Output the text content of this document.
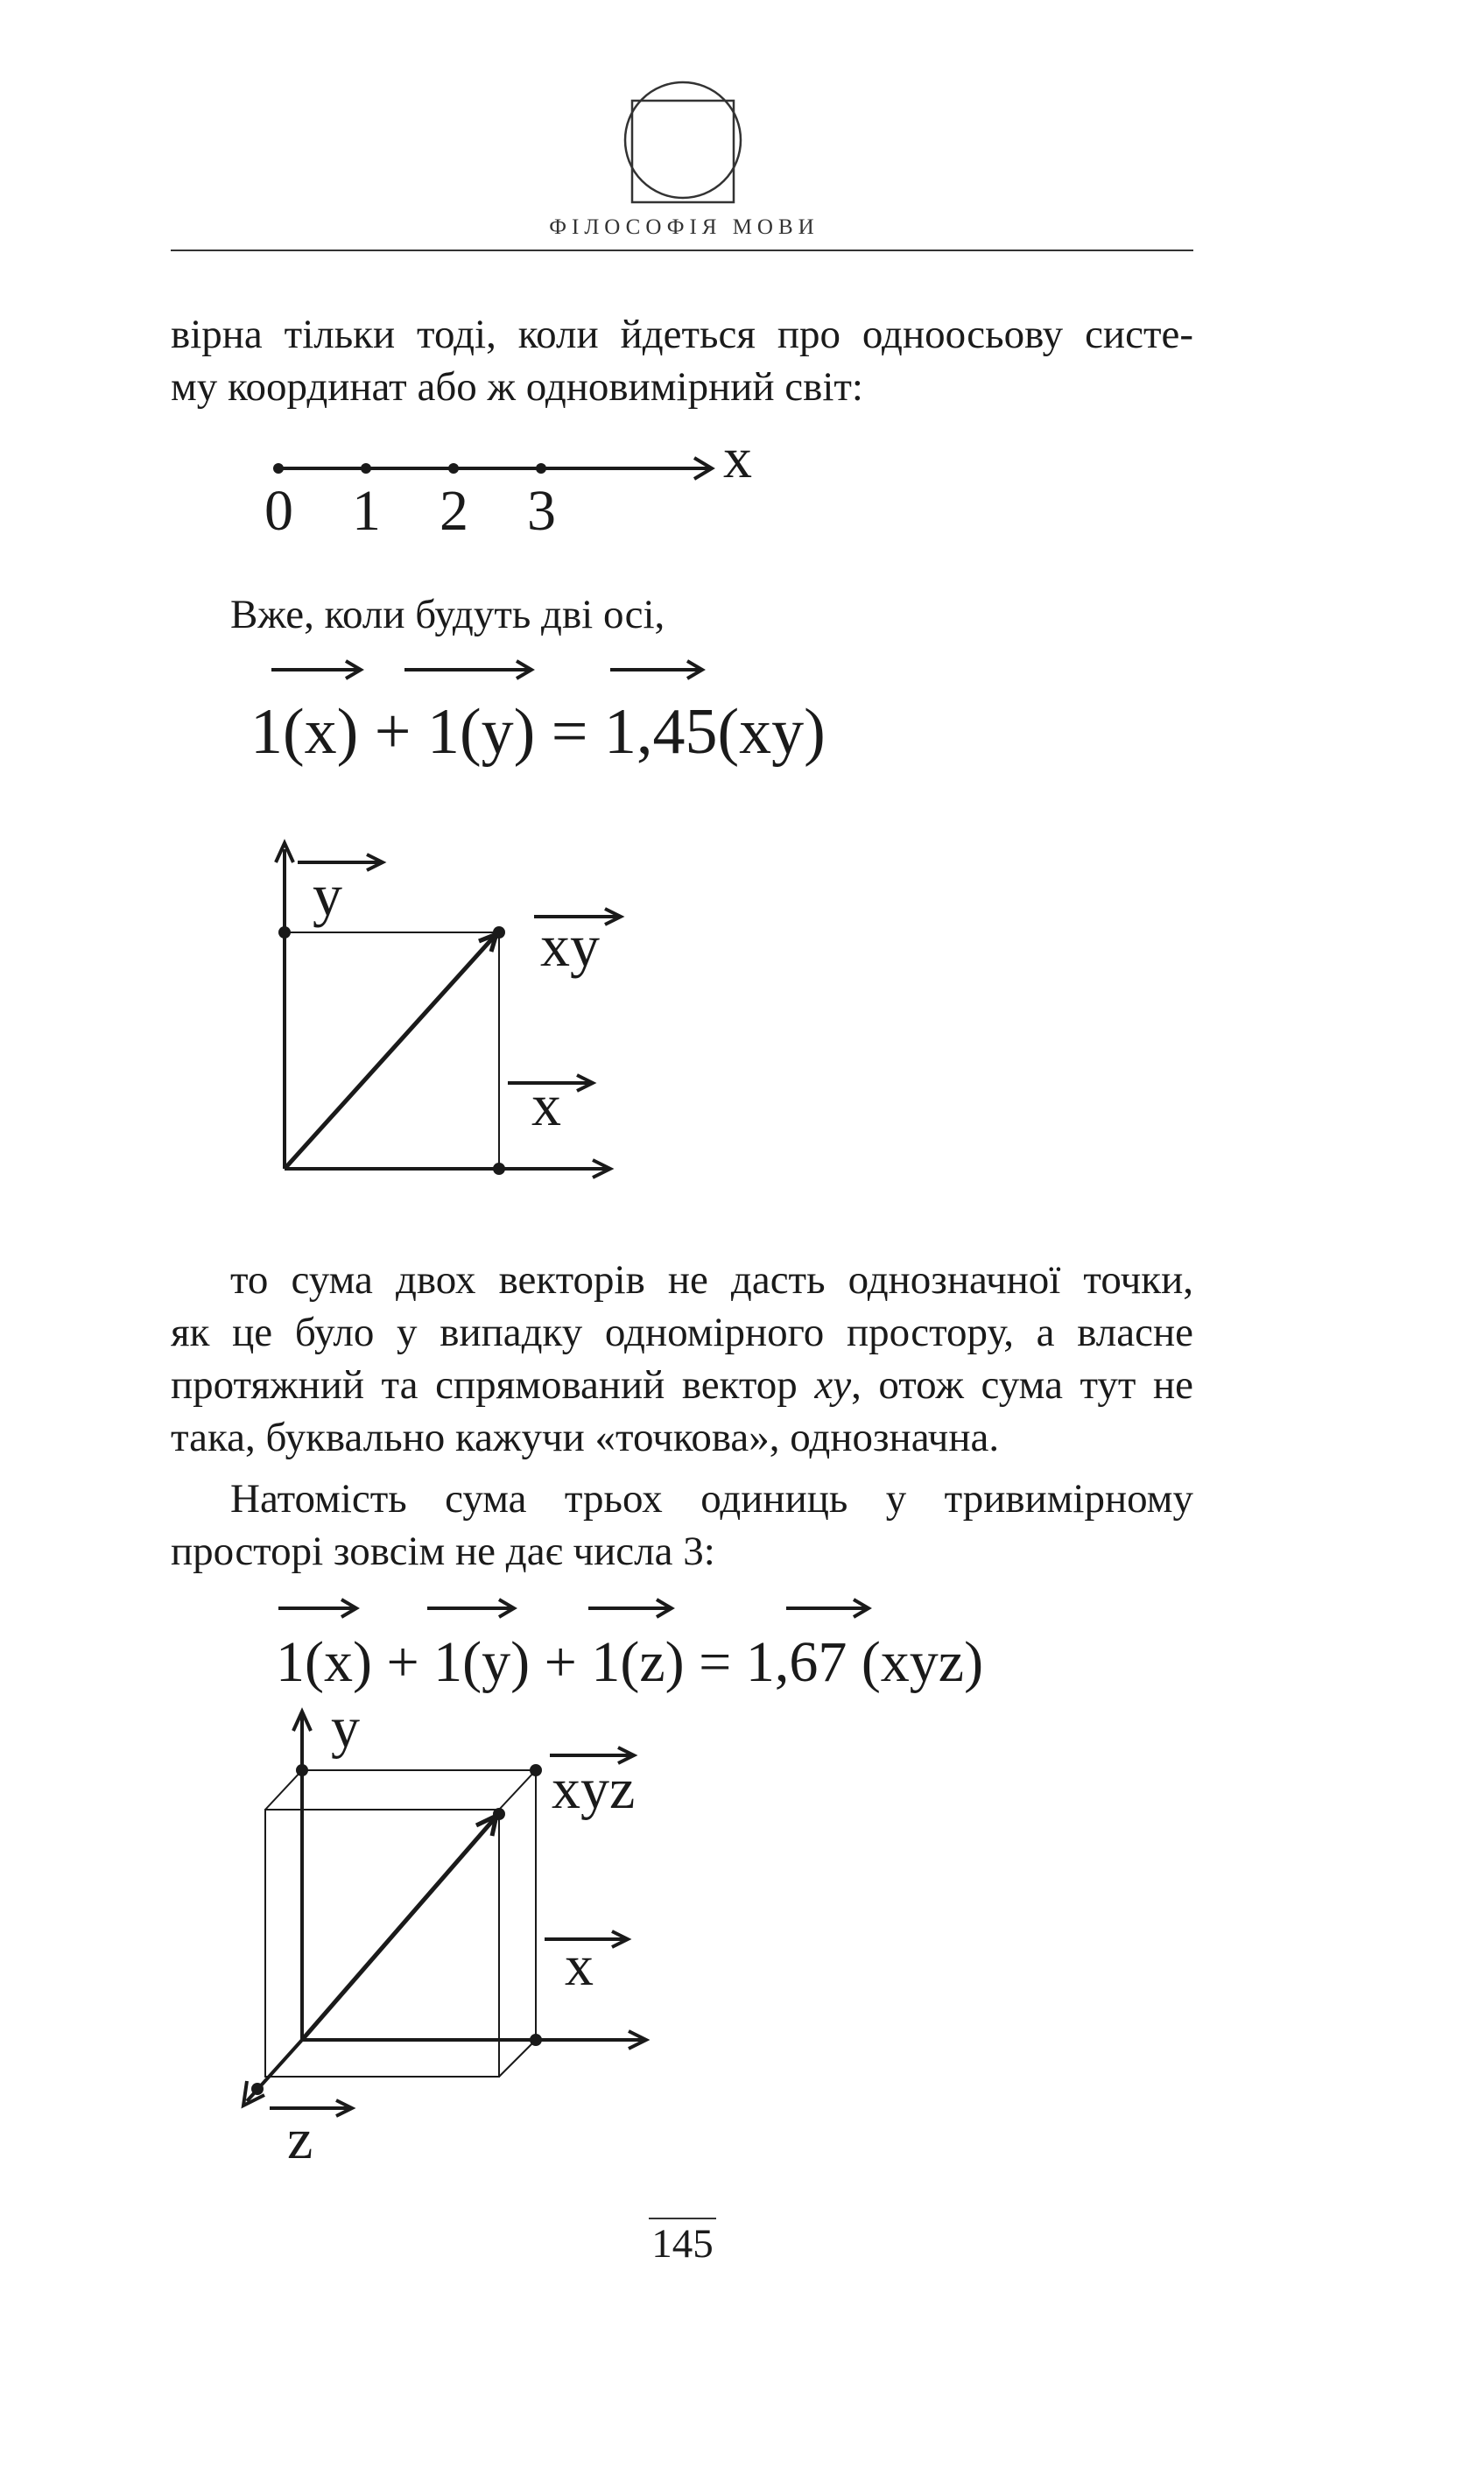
ФІЛОСОФІЯ МОВИ
вірна тільки тоді, коли йдеться про одноосьову систе-
му координат або ж одновимірний світ:
0 1 2 3
x
Вже, коли будуть дві осі,
1(x) + 1(y) = 1,45(xy)
y
xy
x
то сума двох векторів не дасть однозначної точки,
як це було у випадку одномірного простору, а власне
протяжний та спрямований вектор xy, отож сума тут не
така, буквально кажучи «точкова», однозначна.
Натомість сума трьох одиниць у тривимірному
просторі зовсім не дає числа 3:
1(x) + 1(y) + 1(z) = 1,67 (xyz)
y
xyz
x
z
145
